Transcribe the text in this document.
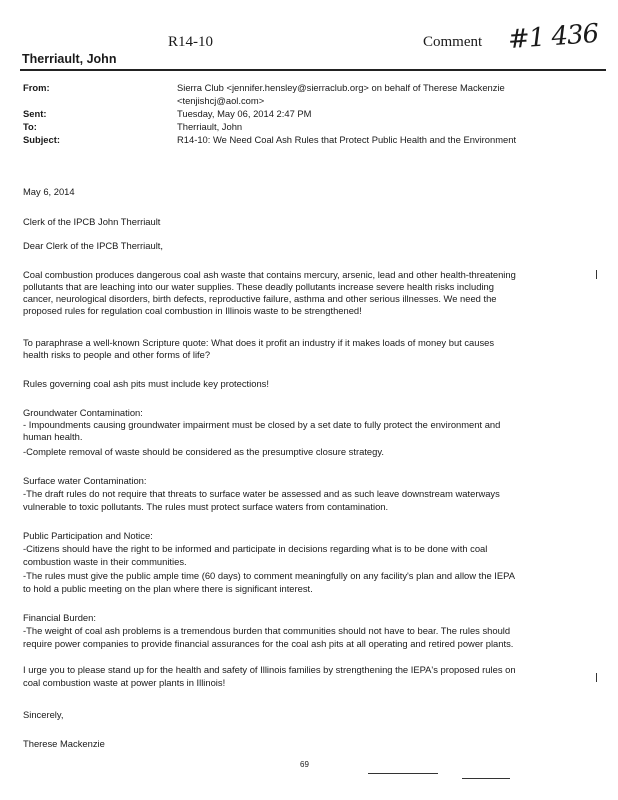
R14-10	Comment #1 436
Therriault, John
From:	Sierra Club <jennifer.hensley@sierraclub.org> on behalf of Therese Mackenzie
<tenjishcj@aol.com>
Sent:	Tuesday, May 06, 2014 2:47 PM
To:	Therriault, John
Subject:	R14-10: We Need Coal Ash Rules that Protect Public Health and the Environment

May 6, 2014

Clerk of the IPCB John Therriault

Dear Clerk of the IPCB Therriault,

Coal combustion produces dangerous coal ash waste that contains mercury, arsenic, lead and other health-threatening

pollutants that are leaching into our water supplies. These deadly pollutants increase severe health risks including

cancer, neurological disorders, birth defects, reproductive failure, asthma and other serious illnesses. We need the

proposed rules for regulation coal combustion in Illinois waste to be strengthened!

To paraphrase a well-known Scripture quote: What does it profit an industry if it makes loads of money but causes

health risks to people and other forms of life?

Rules governing coal ash pits must include key protections!

Groundwater Contamination:

- Impoundments causing groundwater impairment must be closed by a set date to fully protect the environment and

human health.

-Complete removal of waste should be considered as the presumptive closure strategy.

Surface water Contamination:

-The draft rules do not require that threats to surface water be assessed and as such leave downstream waterways

vulnerable to toxic pollutants. The rules must protect surface waters from contamination.

Public Participation and Notice:

-Citizens should have the right to be informed and participate in decisions regarding what is to be done with coal

combustion waste in their communities.

-The rules must give the public ample time (60 days) to comment meaningfully on any facility's plan and allow the IEPA

to hold a public meeting on the plan where there is significant interest.

Financial Burden:

-The weight of coal ash problems is a tremendous burden that communities should not have to bear. The rules should

require power companies to provide financial assurances for the coal ash pits at all operating and retired power plants.

I urge you to please stand up for the health and safety of Illinois families by strengthening the IEPA's proposed rules on

coal combustion waste at power plants in Illinois!

Sincerely,

Therese Mackenzie

69
